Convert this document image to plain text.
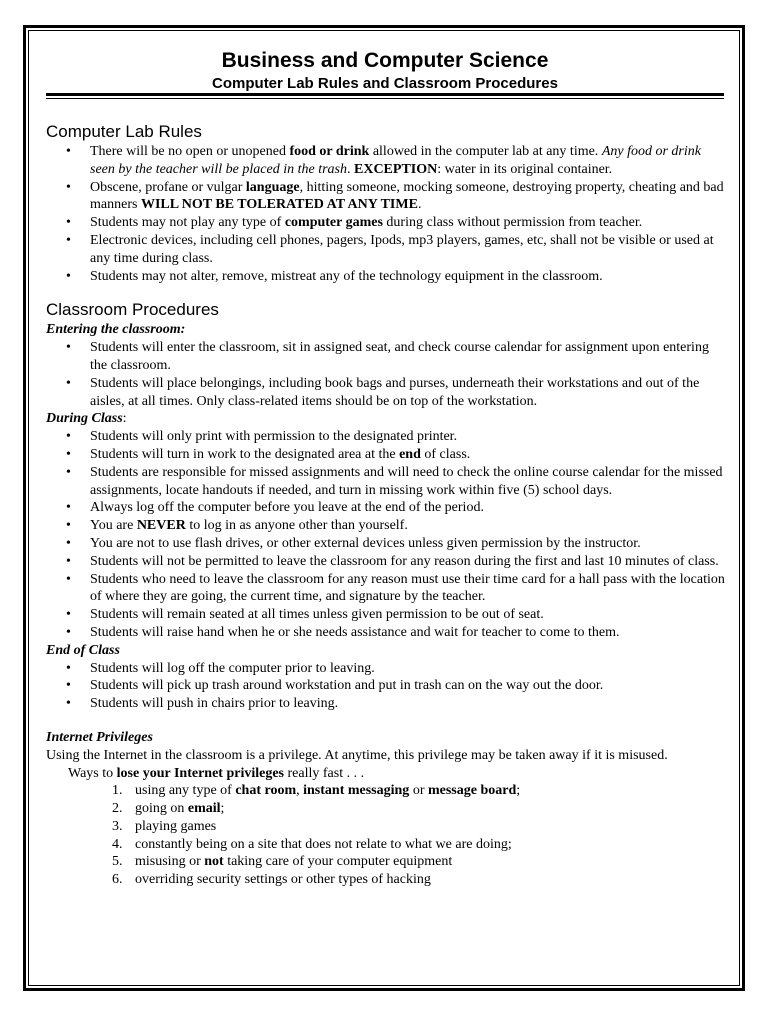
Business and Computer Science
Computer Lab Rules and Classroom Procedures
Computer Lab Rules
• There will be no open or unopened food or drink allowed in the computer lab at any time. Any food or drink seen by the teacher will be placed in the trash. EXCEPTION: water in its original container.
• Obscene, profane or vulgar language, hitting someone, mocking someone, destroying property, cheating and bad manners WILL NOT BE TOLERATED AT ANY TIME.
• Students may not play any type of computer games during class without permission from teacher.
• Electronic devices, including cell phones, pagers, Ipods, mp3 players, games, etc, shall not be visible or used at any time during class.
• Students may not alter, remove, mistreat any of the technology equipment in the classroom.
Classroom Procedures
Entering the classroom:
• Students will enter the classroom, sit in assigned seat, and check course calendar for assignment upon entering the classroom.
• Students will place belongings, including book bags and purses, underneath their workstations and out of the aisles, at all times. Only class-related items should be on top of the workstation.
During Class:
• Students will only print with permission to the designated printer.
• Students will turn in work to the designated area at the end of class.
• Students are responsible for missed assignments and will need to check the online course calendar for the missed assignments, locate handouts if needed, and turn in missing work within five (5) school days.
• Always log off the computer before you leave at the end of the period.
• You are NEVER to log in as anyone other than yourself.
• You are not to use flash drives, or other external devices unless given permission by the instructor.
• Students will not be permitted to leave the classroom for any reason during the first and last 10 minutes of class.
• Students who need to leave the classroom for any reason must use their time card for a hall pass with the location of where they are going, the current time, and signature by the teacher.
• Students will remain seated at all times unless given permission to be out of seat.
• Students will raise hand when he or she needs assistance and wait for teacher to come to them.
End of Class
• Students will log off the computer prior to leaving.
• Students will pick up trash around workstation and put in trash can on the way out the door.
• Students will push in chairs prior to leaving.
Internet Privileges
Using the Internet in the classroom is a privilege. At anytime, this privilege may be taken away if it is misused.
Ways to lose your Internet privileges really fast . . .
1. using any type of chat room, instant messaging or message board;
2. going on email;
3. playing games
4. constantly being on a site that does not relate to what we are doing;
5. misusing or not taking care of your computer equipment
6. overriding security settings or other types of hacking
